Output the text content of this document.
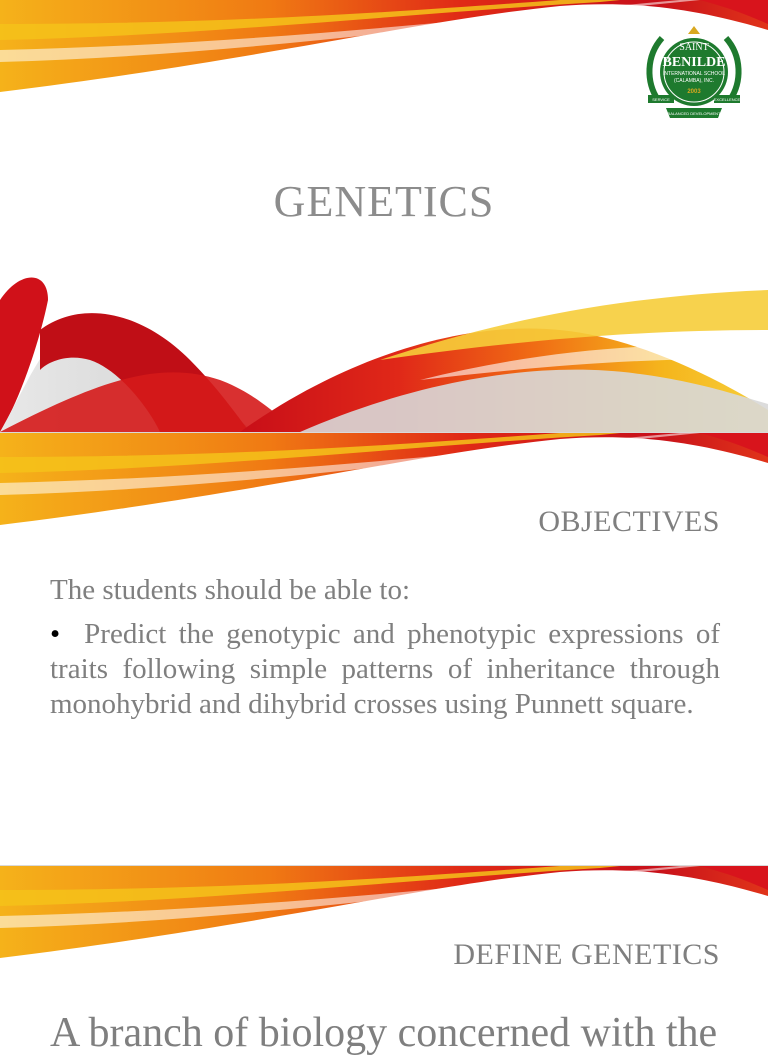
SAINT
BENILDE
INTERNATIONAL SCHOOL
(CALAMBA), INC.
2003
SERVICE	EXCELLENCE
BALANCED DEVELOPMENT
GENETICS
OBJECTIVES
The students should be able to:
• Predict the genotypic and phenotypic expressions of traits following simple patterns of inheritance through monohybrid and dihybrid crosses using Punnett square.
DEFINE GENETICS
A branch of biology concerned with the
